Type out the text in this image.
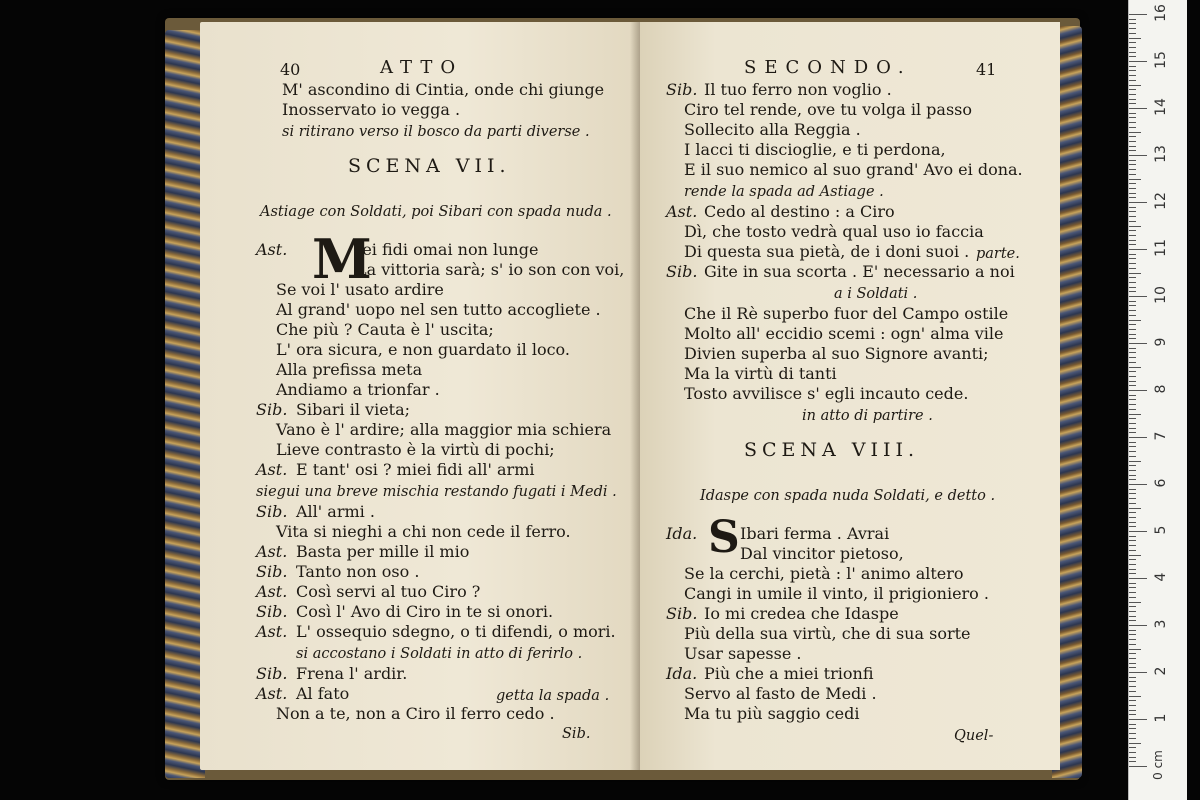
40	ATTO
M' ascondino di Cintia, onde chi giunge
Inosservato io vegga .
si ritirano verso il bosco da parti diverse .
SCENA VII.
Astiage con Soldati, poi Sibari con spada nuda .
Ast. M
Iei fidi omai non lunge
La vittoria sarà; s' io son con voi,
Se voi l' usato ardire
Al grand' uopo nel sen tutto accogliete .
Che più ? Cauta è l' uscita;
L' ora sicura, e non guardato il loco.
Alla prefissa meta
Andiamo a trionfar .
Sib. Sibari il vieta;
Vano è l' ardire; alla maggior mia schiera
Lieve contrasto è la virtù di pochi;
Ast. E tant' osi ? miei fidi all' armi
siegui una breve mischia restando fugati i Medi .
Sib. All' armi .
Vita si nieghi a chi non cede il ferro.
Ast. Basta per mille il mio
Sib. Tanto non oso .
Ast. Così servi al tuo Ciro ?
Sib. Così l' Avo di Ciro in te si onori.
Ast. L' ossequio sdegno, o ti difendi, o mori.
si accostano i Soldati in atto di ferirlo .
Sib. Frena l' ardir.
Ast. Al fato	getta la spada .
Non a te, non a Ciro il ferro cedo .
Sib.
SECONDO.	41
Sib. Il tuo ferro non voglio .
Ciro tel rende, ove tu volga il passo
Sollecito alla Reggia .
I lacci ti discioglie, e ti perdona,
E il suo nemico al suo grand' Avo ei dona.
rende la spada ad Astiage .
Ast. Cedo al destino : a Ciro
Dì, che tosto vedrà qual uso io faccia
Di questa sua pietà, de i doni suoi . parte.
Sib. Gite in sua scorta . E' necessario a noi
a i Soldati .
Che il Rè superbo fuor del Campo ostile
Molto all' eccidio scemi : ogn' alma vile
Divien superba al suo Signore avanti;
Ma la virtù di tanti
Tosto avvilisce s' egli incauto cede.
in atto di partire .
SCENA VIII.
Idaspe con spada nuda Soldati, e detto .
Ida. S Ibari ferma . Avrai
Dal vincitor pietoso,
Se la cerchi, pietà : l' animo altero
Cangi in umile il vinto, il prigioniero .
Sib. Io mi credea che Idaspe
Più della sua virtù, che di sua sorte
Usar sapesse .
Ida. Più che a miei trionfi
Servo al fasto de Medi .
Ma tu più saggio cedi
Quel-
0 cm
1
2
3
4
5
6
7
8
9
10
11
12
13
14
15
16
